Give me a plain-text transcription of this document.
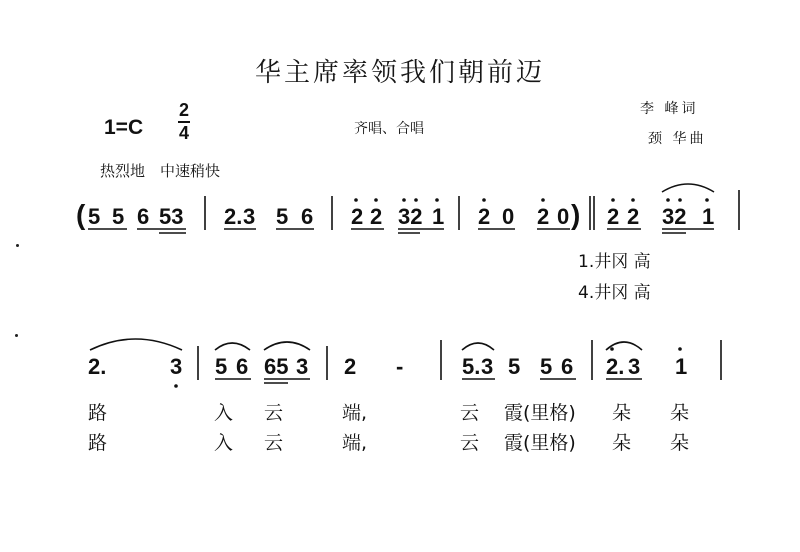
华主席率领我们朝前迈
1=C
2
4	齐唱、合唱
李 峰词
颈 华曲
热烈地　中速稍快
( 5 5 6 53 2. 3 5 6 2 2 32 1 2 0 2 0 ) 2 2 32 1
2.	3 5 6 65 3 2 -	5. 3 5 5 6 2. 3 1
1.井冈 高
4.井冈 高
路	入 云	端,	云 霞(里格) 朵 朵
路	入 云	端,	云 霞(里格) 朵 朵
